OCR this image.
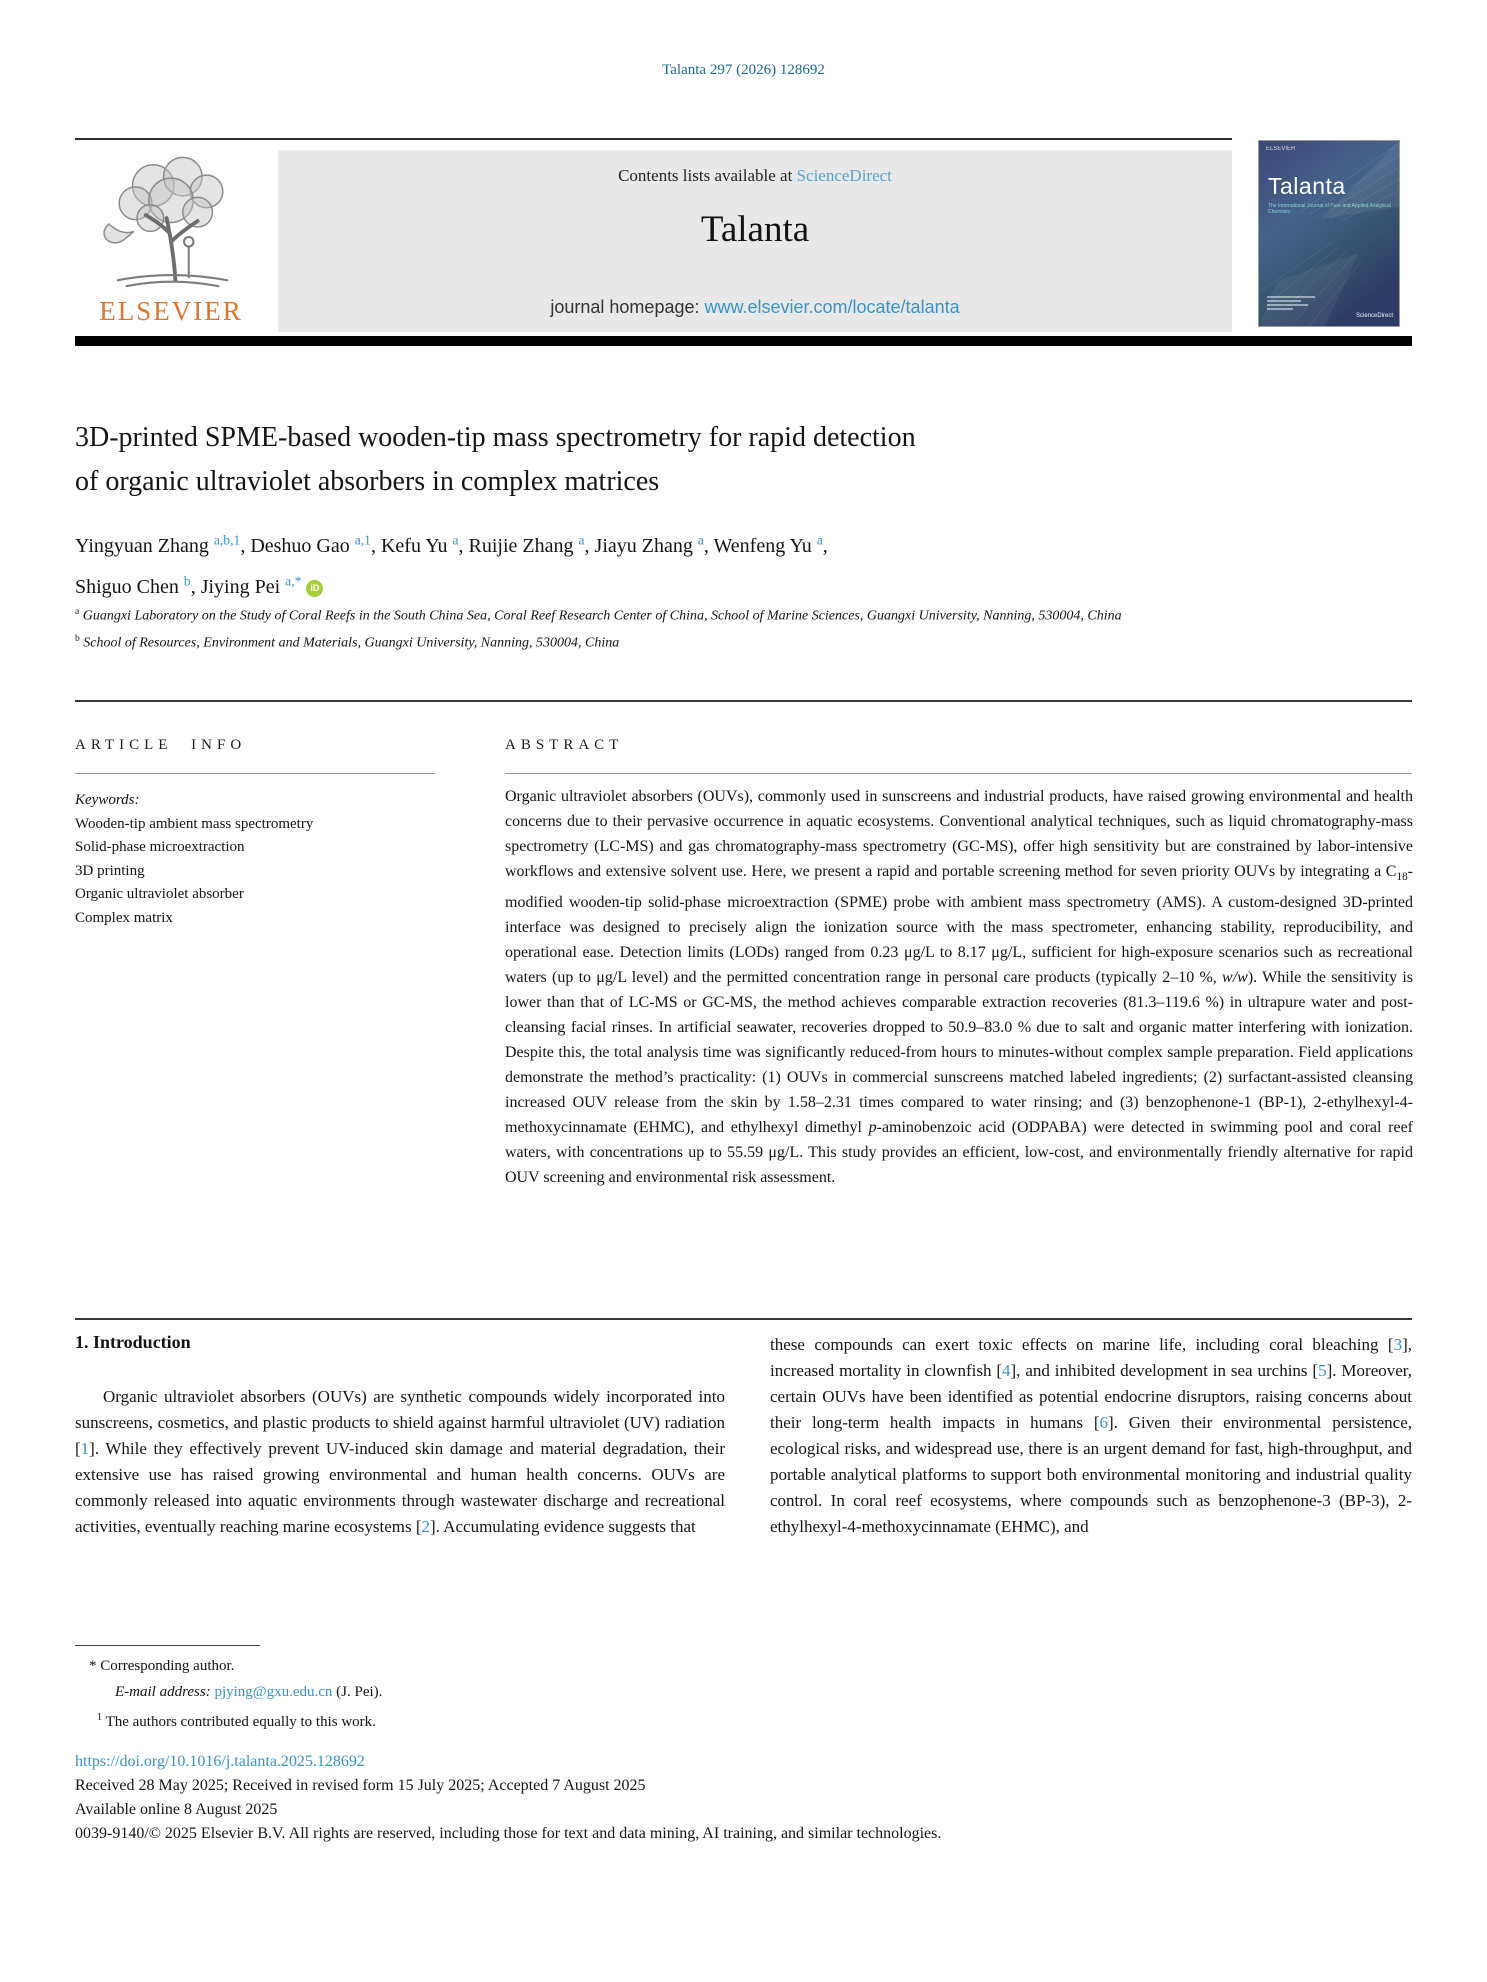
Talanta 297 (2026) 128692
ELSEVIER
Contents lists available at ScienceDirect
Talanta
journal homepage: www.elsevier.com/locate/talanta
ELSEVIER	···
Talanta
The International Journal of Pure and Applied Analytical Chemistry
ScienceDirect
3D-printed SPME-based wooden-tip mass spectrometry for rapid detection
of organic ultraviolet absorbers in complex matrices
Yingyuan Zhang $^{a,b,1}$, Deshuo Gao $^{a,1}$, Kefu Yu $^a$, Ruijie Zhang $^a$, Jiayu Zhang $^a$, Wenfeng Yu $^a$,
Shiguo Chen $^b$, Jiying Pei $^{a,*}$ iD
$^a$ Guangxi Laboratory on the Study of Coral Reefs in the South China Sea, Coral Reef Research Center of China, School of Marine Sciences, Guangxi University, Nanning, 530004, China
$^b$ School of Resources, Environment and Materials, Guangxi University, Nanning, 530004, China
ARTICLE INFO	ABSTRACT
Keywords:
Wooden-tip ambient mass spectrometry
Solid-phase microextraction
3D printing
Organic ultraviolet absorber
Complex matrix
Organic ultraviolet absorbers (OUVs), commonly used in sunscreens and industrial products, have raised growing environmental and health concerns due to their pervasive occurrence in aquatic ecosystems. Conventional analytical techniques, such as liquid chromatography-mass spectrometry (LC-MS) and gas chromatography-mass spectrometry (GC-MS), offer high sensitivity but are constrained by labor-intensive workflows and extensive solvent use. Here, we present a rapid and portable screening method for seven priority OUVs by integrating a $C_{18}$-modified wooden-tip solid-phase microextraction (SPME) probe with ambient mass spectrometry (AMS). A custom-designed 3D-printed interface was designed to precisely align the ionization source with the mass spectrometer, enhancing stability, reproducibility, and operational ease. Detection limits (LODs) ranged from 0.23 μg/L to 8.17 μg/L, sufficient for high-exposure scenarios such as recreational waters (up to μg/L level) and the permitted concentration range in personal care products (typically 2–10 %, w/w). While the sensitivity is lower than that of LC-MS or GC-MS, the method achieves comparable extraction recoveries (81.3–119.6 %) in ultrapure water and post-cleansing facial rinses. In artificial seawater, recoveries dropped to 50.9–83.0 % due to salt and organic matter interfering with ionization. Despite this, the total analysis time was significantly reduced-from hours to minutes-without complex sample preparation. Field applications demonstrate the method’s practicality: (1) OUVs in commercial sunscreens matched labeled ingredients; (2) surfactant-assisted cleansing increased OUV release from the skin by 1.58–2.31 times compared to water rinsing; and (3) benzophenone-1 (BP-1), 2-ethylhexyl-4-methoxycinnamate (EHMC), and ethylhexyl dimethyl p-aminobenzoic acid (ODPABA) were detected in swimming pool and coral reef waters, with concentrations up to 55.59 μg/L. This study provides an efficient, low-cost, and environmentally friendly alternative for rapid OUV screening and environmental risk assessment.
1. Introduction
Organic ultraviolet absorbers (OUVs) are synthetic compounds widely incorporated into sunscreens, cosmetics, and plastic products to shield against harmful ultraviolet (UV) radiation [1]. While they effectively prevent UV-induced skin damage and material degradation, their extensive use has raised growing environmental and human health concerns. OUVs are commonly released into aquatic environments through wastewater discharge and recreational activities, eventually reaching marine ecosystems [2]. Accumulating evidence suggests that
these compounds can exert toxic effects on marine life, including coral bleaching [3], increased mortality in clownfish [4], and inhibited development in sea urchins [5]. Moreover, certain OUVs have been identified as potential endocrine disruptors, raising concerns about their long-term health impacts in humans [6]. Given their environmental persistence, ecological risks, and widespread use, there is an urgent demand for fast, high-throughput, and portable analytical platforms to support both environmental monitoring and industrial quality control. In coral reef ecosystems, where compounds such as benzophenone-3 (BP-3), 2-ethylhexyl-4-methoxycinnamate (EHMC), and
* Corresponding author.
E-mail address: pjying@gxu.edu.cn (J. Pei).
$^1$ The authors contributed equally to this work.
https://doi.org/10.1016/j.talanta.2025.128692
Received 28 May 2025; Received in revised form 15 July 2025; Accepted 7 August 2025
Available online 8 August 2025
0039-9140/© 2025 Elsevier B.V. All rights are reserved, including those for text and data mining, AI training, and similar technologies.
